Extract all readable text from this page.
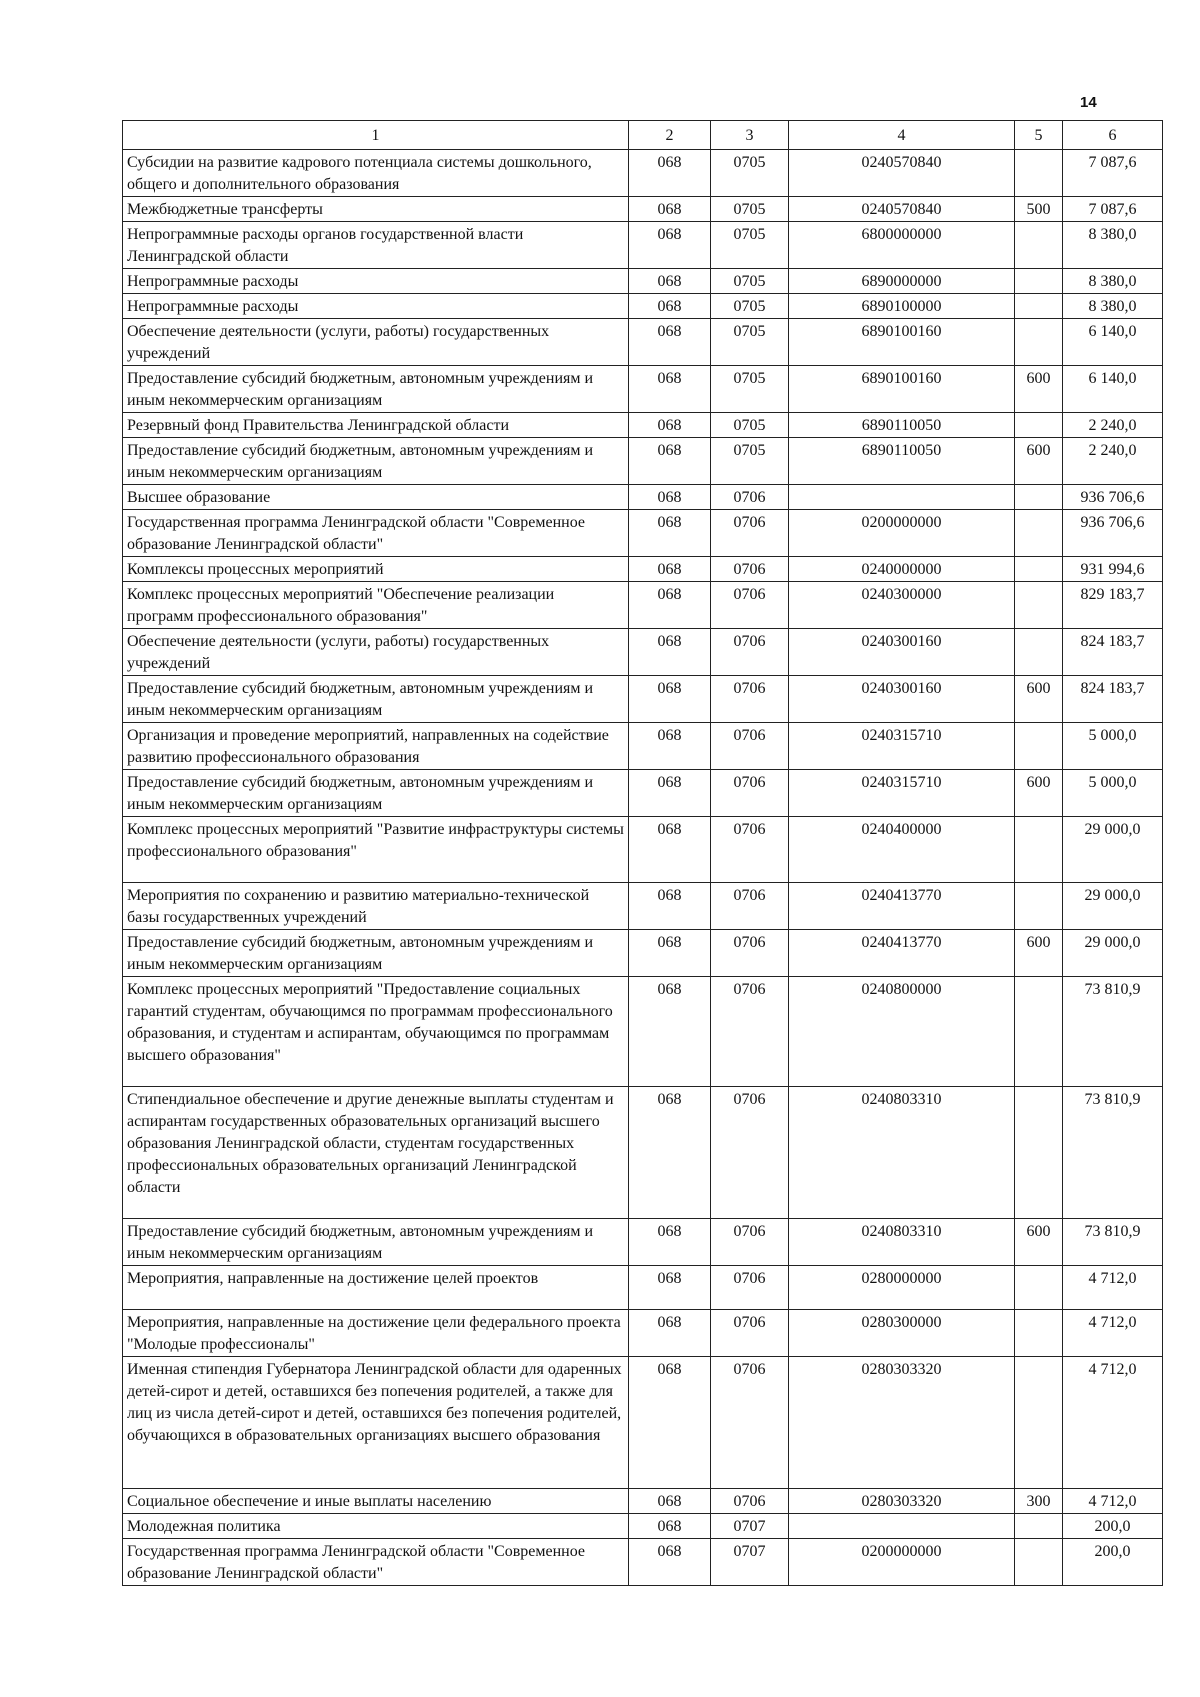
14
1	2	3	4	5	6
Субсидии на развитие кадрового потенциала системы дошкольного, общего и дополнительного образования	068	0705	0240570840		7 087,6
Межбюджетные трансферты	068	0705	0240570840	500	7 087,6
Непрограммные расходы органов государственной власти Ленинградской области	068	0705	6800000000		8 380,0
Непрограммные расходы	068	0705	6890000000		8 380,0
Непрограммные расходы	068	0705	6890100000		8 380,0
Обеспечение деятельности (услуги, работы) государственных учреждений	068	0705	6890100160		6 140,0
Предоставление субсидий бюджетным, автономным учреждениям и иным некоммерческим организациям	068	0705	6890100160	600	6 140,0
Резервный фонд Правительства Ленинградской области	068	0705	6890110050		2 240,0
Предоставление субсидий бюджетным, автономным учреждениям и иным некоммерческим организациям	068	0705	6890110050	600	2 240,0
Высшее образование	068	0706			936 706,6
Государственная программа Ленинградской области "Современное образование Ленинградской области"	068	0706	0200000000		936 706,6
Комплексы процессных мероприятий	068	0706	0240000000		931 994,6
Комплекс процессных мероприятий "Обеспечение реализации программ профессионального образования"	068	0706	0240300000		829 183,7
Обеспечение деятельности (услуги, работы) государственных учреждений	068	0706	0240300160		824 183,7
Предоставление субсидий бюджетным, автономным учреждениям и иным некоммерческим организациям	068	0706	0240300160	600	824 183,7
Организация и проведение мероприятий, направленных на содействие развитию профессионального образования	068	0706	0240315710		5 000,0
Предоставление субсидий бюджетным, автономным учреждениям и иным некоммерческим организациям	068	0706	0240315710	600	5 000,0
Комплекс процессных мероприятий "Развитие инфраструктуры системы профессионального образования"	068	0706	0240400000		29 000,0
Мероприятия по сохранению и развитию материально-технической базы государственных учреждений	068	0706	0240413770		29 000,0
Предоставление субсидий бюджетным, автономным учреждениям и иным некоммерческим организациям	068	0706	0240413770	600	29 000,0
Комплекс процессных мероприятий "Предоставление социальных гарантий студентам, обучающимся по программам профессионального образования, и студентам и аспирантам, обучающимся по программам высшего образования"	068	0706	0240800000		73 810,9
Стипендиальное обеспечение и другие денежные выплаты студентам и аспирантам государственных образовательных организаций высшего образования Ленинградской области, студентам государственных профессиональных образовательных организаций Ленинградской области	068	0706	0240803310		73 810,9
Предоставление субсидий бюджетным, автономным учреждениям и иным некоммерческим организациям	068	0706	0240803310	600	73 810,9
Мероприятия, направленные на достижение целей проектов	068	0706	0280000000		4 712,0
Мероприятия, направленные на достижение цели федерального проекта "Молодые профессионалы"	068	0706	0280300000		4 712,0
Именная стипендия Губернатора Ленинградской области для одаренных детей-сирот и детей, оставшихся без попечения родителей, а также для лиц из числа детей-сирот и детей, оставшихся без попечения родителей, обучающихся в образовательных организациях высшего образования	068	0706	0280303320		4 712,0
Социальное обеспечение и иные выплаты населению	068	0706	0280303320	300	4 712,0
Молодежная политика	068	0707			200,0
Государственная программа Ленинградской области "Современное образование Ленинградской области"	068	0707	0200000000		200,0
